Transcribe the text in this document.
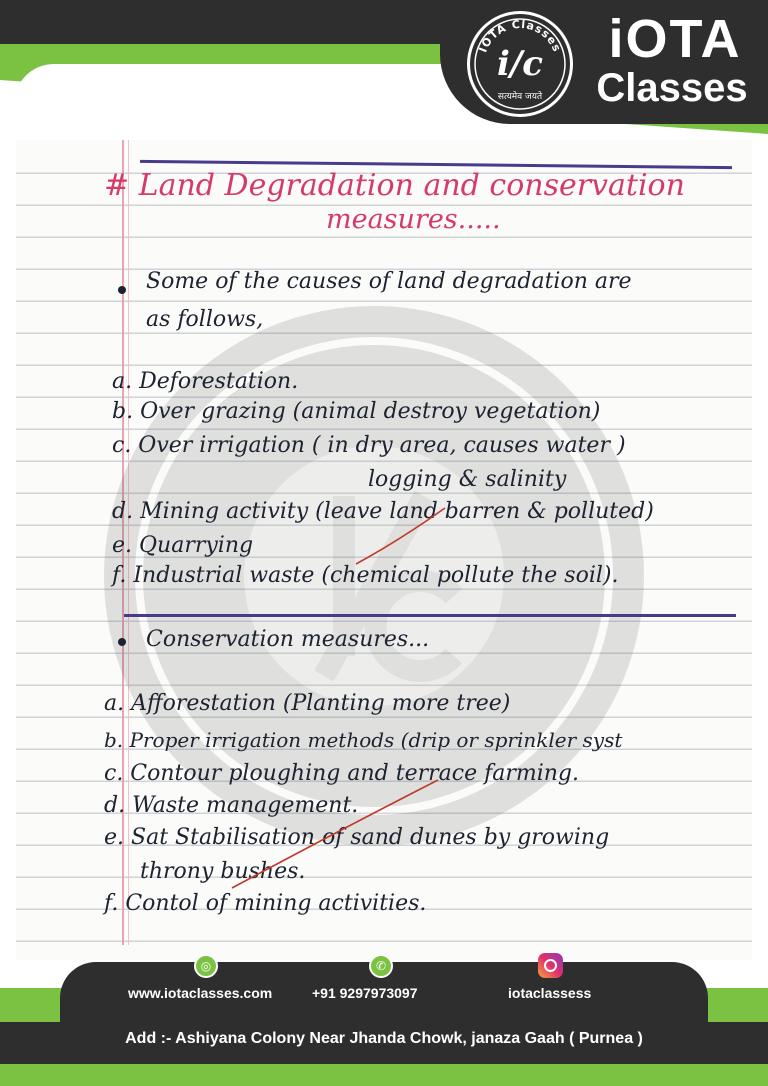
IOTA Classes
i/c
सत्यमेव जयते
iOTA
Classes
# Land Degradation and conservation
measures.....
Some of the causes of land degradation are
as follows,
a. Deforestation.
b. Over grazing (animal destroy vegetation)
c. Over irrigation ( in dry area, causes water )
logging & salinity
d. Mining activity (leave land barren & polluted)
e. Quarrying
f. Industrial waste (chemical pollute the soil).
Conservation measures...
a. Afforestation (Planting more tree)
b. Proper irrigation methods (drip or sprinkler syst
c. Contour ploughing and terrace farming.
d. Waste management.
e. Sat Stabilisation of sand dunes by growing
throny bushes.
f. Contol of mining activities.
◎	✆
www.iotaclasses.com	+91 9297973097	iotaclassess
Add :- Ashiyana Colony Near Jhanda Chowk, janaza Gaah ( Purnea )
